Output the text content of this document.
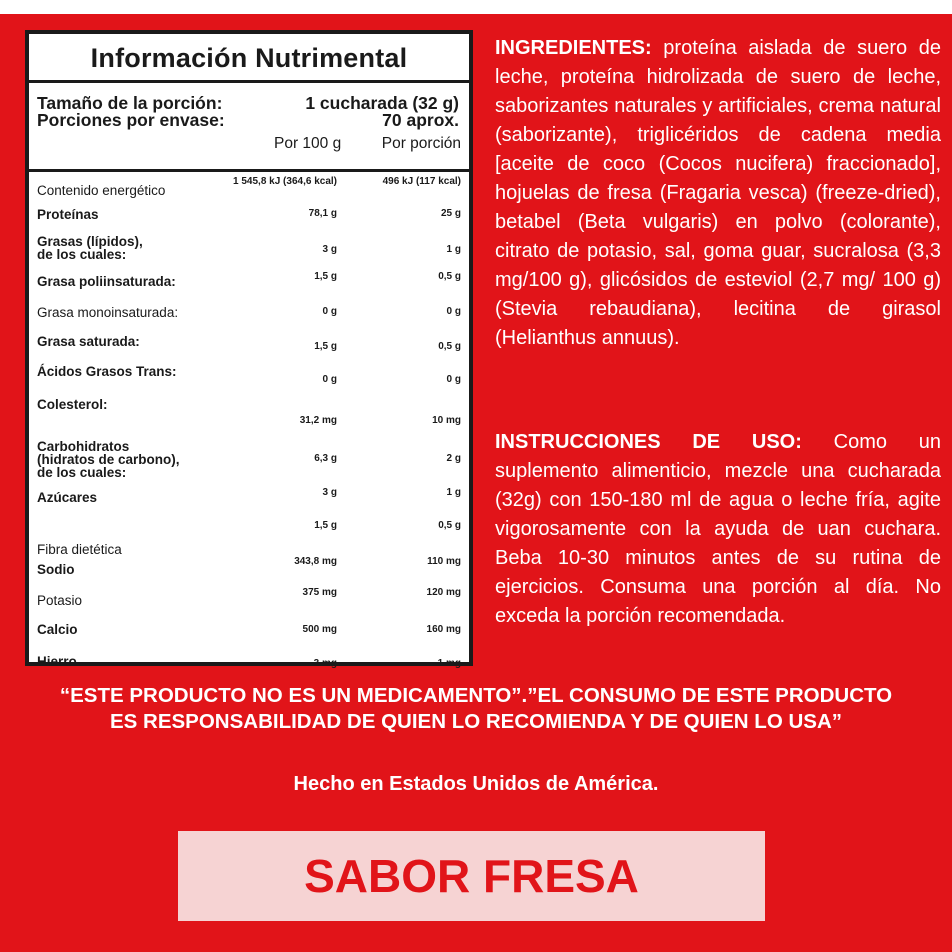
Información Nutrimental
Tamaño de la porción:	1 cucharada (32 g)
Porciones por envase:	70 aprox.
Por 100 g	Por porción
Contenido energético
1 545,8 kJ (364,6 kcal)	496 kJ (117 kcal)
Proteínas	78,1 g	25 g
Grasas (lípidos),
de los cuales:	3 g	1 g
Grasa poliinsaturada:	1,5 g	0,5 g
Grasa monoinsaturada:	0 g	0 g
Grasa saturada:	1,5 g	0,5 g
Ácidos Grasos Trans:
0 g	0 g
Colesterol:
31,2 mg	10 mg
Carbohidratos
(hidratos de carbono),
de los cuales:
6,3 g	2 g
Azúcares	3 g	1 g
Fibra dietética
1,5 g	0,5 g
Sodio
343,8 mg	110 mg
Potasio
375 mg	120 mg
Calcio	500 mg	160 mg
Hierro	3 mg	1 mg
INGREDIENTES: proteína aislada de suero de leche, proteína hidrolizada de suero de leche, saborizantes naturales y artificiales, crema natural (saborizante), triglicéridos de cadena media [aceite de coco (Cocos nucifera) fraccionado], hojuelas de fresa (Fragaria vesca) (freeze-dried), betabel (Beta vulgaris) en polvo (colorante), citrato de potasio, sal, goma guar, sucralosa (3,3 mg/100 g), glicósidos de esteviol (2,7 mg/ 100 g) (Stevia rebaudiana), lecitina de girasol (Helianthus annuus).
INSTRUCCIONES DE USO: Como un suplemento alimenticio, mezcle una cucharada (32g) con 150-180 ml de agua o leche fría, agite vigorosamente con la ayuda de uan cuchara. Beba 10-30 minutos antes de su rutina de ejercicios. Consuma una porción al día. No exceda la porción recomendada.
“ESTE PRODUCTO NO ES UN MEDICAMENTO”.”EL CONSUMO DE ESTE PRODUCTO
ES RESPONSABILIDAD DE QUIEN LO RECOMIENDA Y DE QUIEN LO USA”
Hecho en Estados Unidos de América.
SABOR FRESA
